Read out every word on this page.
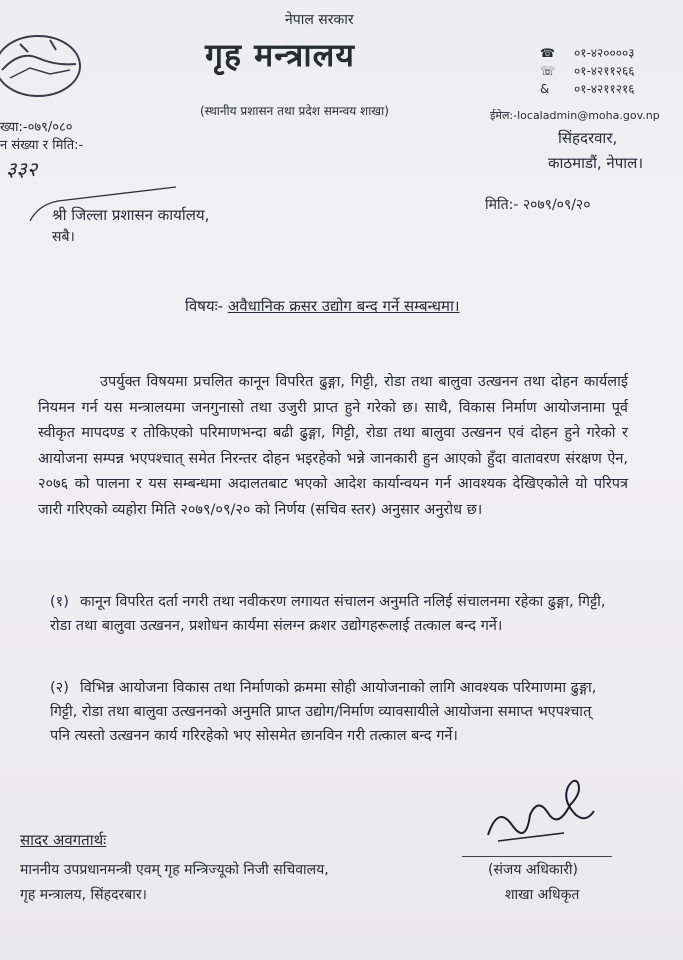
नेपाल सरकार
गृह मन्त्रालय
(स्थानीय प्रशासन तथा प्रदेश समन्वय शाखा)
☎ ०१-४२००००३
☏ ०१-४२११२६६
&	०१-४२११२१६
ईमेल:-localadmin@moha.gov.np
सिंहदरवार,
काठमाडौं, नेपाल।
ख्या:-०७९/०८०
न संख्या र मिति:-
३३२
मिति:- २०७९/०९/२०
श्री जिल्ला प्रशासन कार्यालय,
सबै।
विषयः- अवैधानिक क्रसर उद्योग बन्द गर्ने सम्बन्धमा।
उपर्युक्त विषयमा प्रचलित कानून विपरित ढुङ्गा, गिट्टी, रोडा तथा बालुवा उत्खनन तथा दोहन कार्यलाई नियमन गर्न यस मन्त्रालयमा जनगुनासो तथा उजुरी प्राप्त हुने गरेको छ। साथै, विकास निर्माण आयोजनामा पूर्व स्वीकृत मापदण्ड र तोकिएको परिमाणभन्दा बढी ढुङ्गा, गिट्टी, रोडा तथा बालुवा उत्खनन एवं दोहन हुने गरेको र आयोजना सम्पन्न भएपश्चात् समेत निरन्तर दोहन भइरहेको भन्ने जानकारी हुन आएको हुँदा वातावरण संरक्षण ऐन, २०७६ को पालना र यस सम्बन्धमा अदालतबाट भएको आदेश कार्यान्वयन गर्न आवश्यक देखिएकोले यो परिपत्र जारी गरिएको व्यहोरा मिति २०७९/०९/२० को निर्णय (सचिव स्तर) अनुसार अनुरोध छ।
(१) कानून विपरित दर्ता नगरी तथा नवीकरण लगायत संचालन अनुमति नलिई संचालनमा रहेका ढुङ्गा, गिट्टी, रोडा तथा बालुवा उत्खनन, प्रशोधन कार्यमा संलग्न क्रशर उद्योगहरूलाई तत्काल बन्द गर्ने।
(२) विभिन्न आयोजना विकास तथा निर्माणको क्रममा सोही आयोजनाको लागि आवश्यक परिमाणमा ढुङ्गा, गिट्टी, रोडा तथा बालुवा उत्खननको अनुमति प्राप्त उद्योग/निर्माण व्यावसायीले आयोजना समाप्त भएपश्चात् पनि त्यस्तो उत्खनन कार्य गरिरहेको भए सोसमेत छानविन गरी तत्काल बन्द गर्ने।
सादर अवगतार्थः
माननीय उपप्रधानमन्त्री एवम् गृह मन्त्रिज्यूको निजी सचिवालय,
गृह मन्त्रालय, सिंहदरबार।
(संजय अधिकारी)
शाखा अधिकृत
